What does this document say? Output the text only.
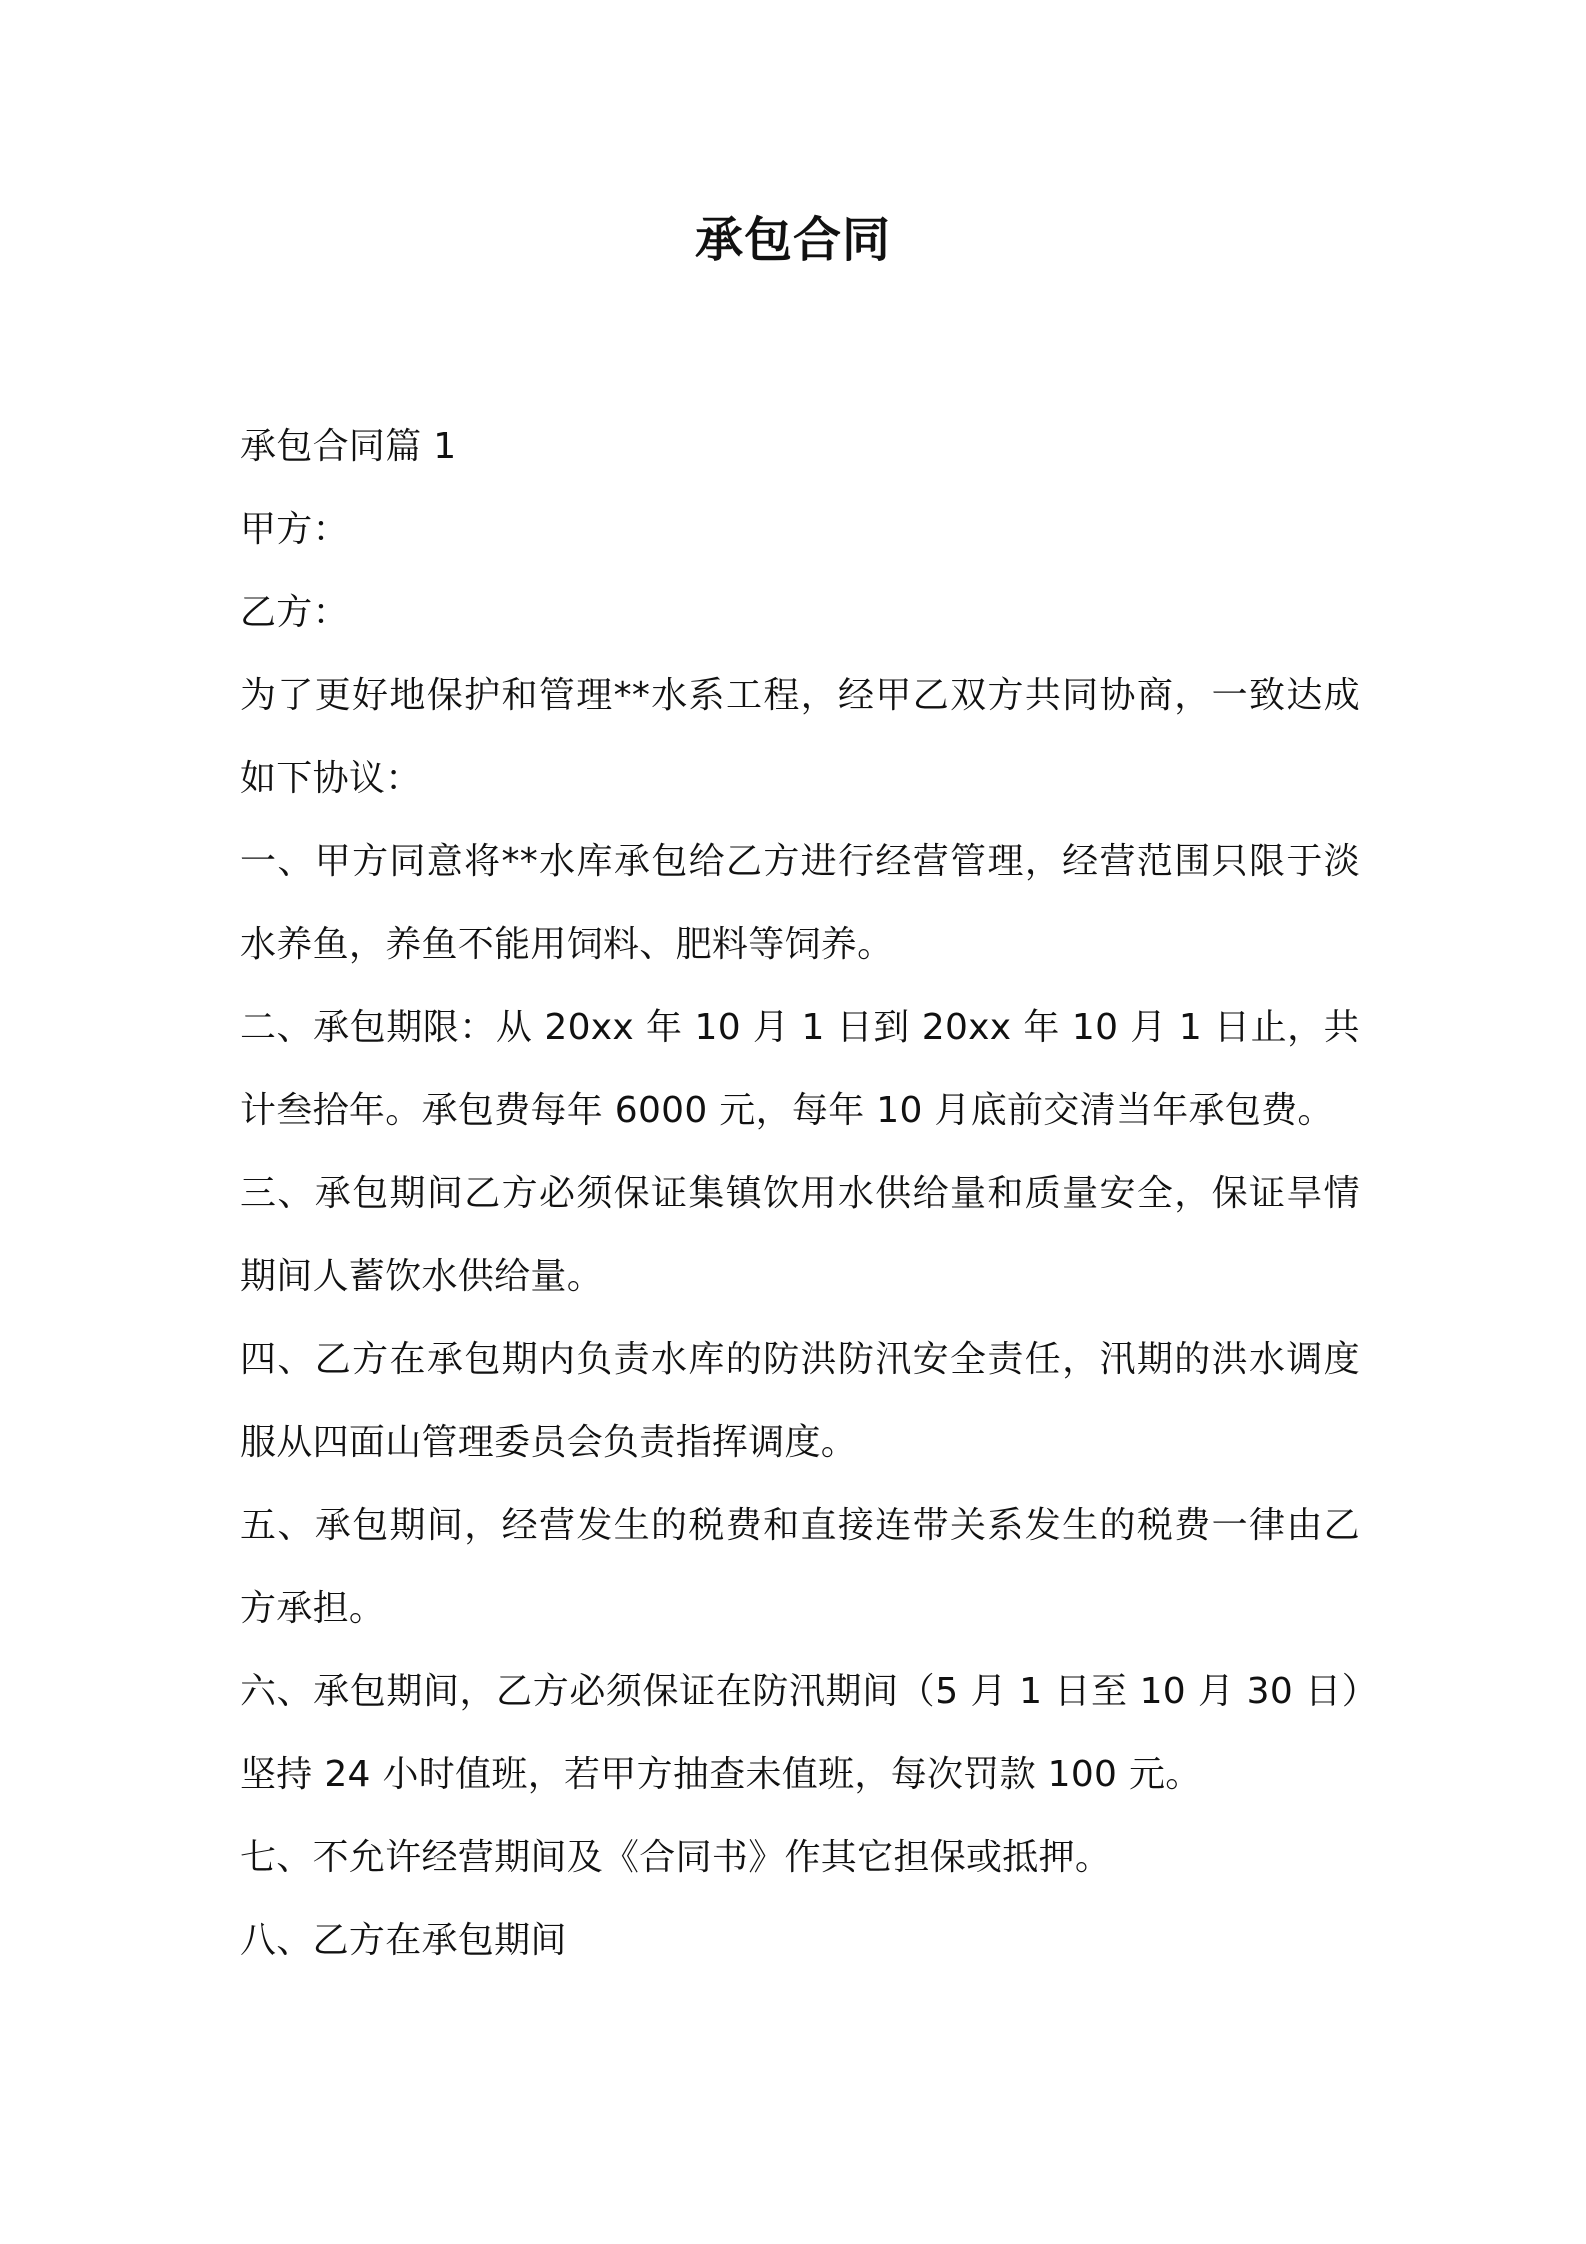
承包合同

承包合同篇 1

甲方：

乙方：

为了更好地保护和管理**水系工程，经甲乙双方共同协商，一致达成如下协议：

一、甲方同意将**水库承包给乙方进行经营管理，经营范围只限于淡水养鱼，养鱼不能用饲料、肥料等饲养。

二、承包期限：从 20xx 年 10 月 1 日到 20xx 年 10 月 1 日止，共计叁拾年。承包费每年 6000 元，每年 10 月底前交清当年承包费。

三、承包期间乙方必须保证集镇饮用水供给量和质量安全，保证旱情期间人蓄饮水供给量。

四、乙方在承包期内负责水库的防洪防汛安全责任，汛期的洪水调度服从四面山管理委员会负责指挥调度。

五、承包期间，经营发生的税费和直接连带关系发生的税费一律由乙方承担。

六、承包期间，乙方必须保证在防汛期间（5 月 1 日至 10 月 30 日）坚持 24 小时值班，若甲方抽查未值班，每次罚款 100 元。

七、不允许经营期间及《合同书》作其它担保或抵押。

八、乙方在承包期间
